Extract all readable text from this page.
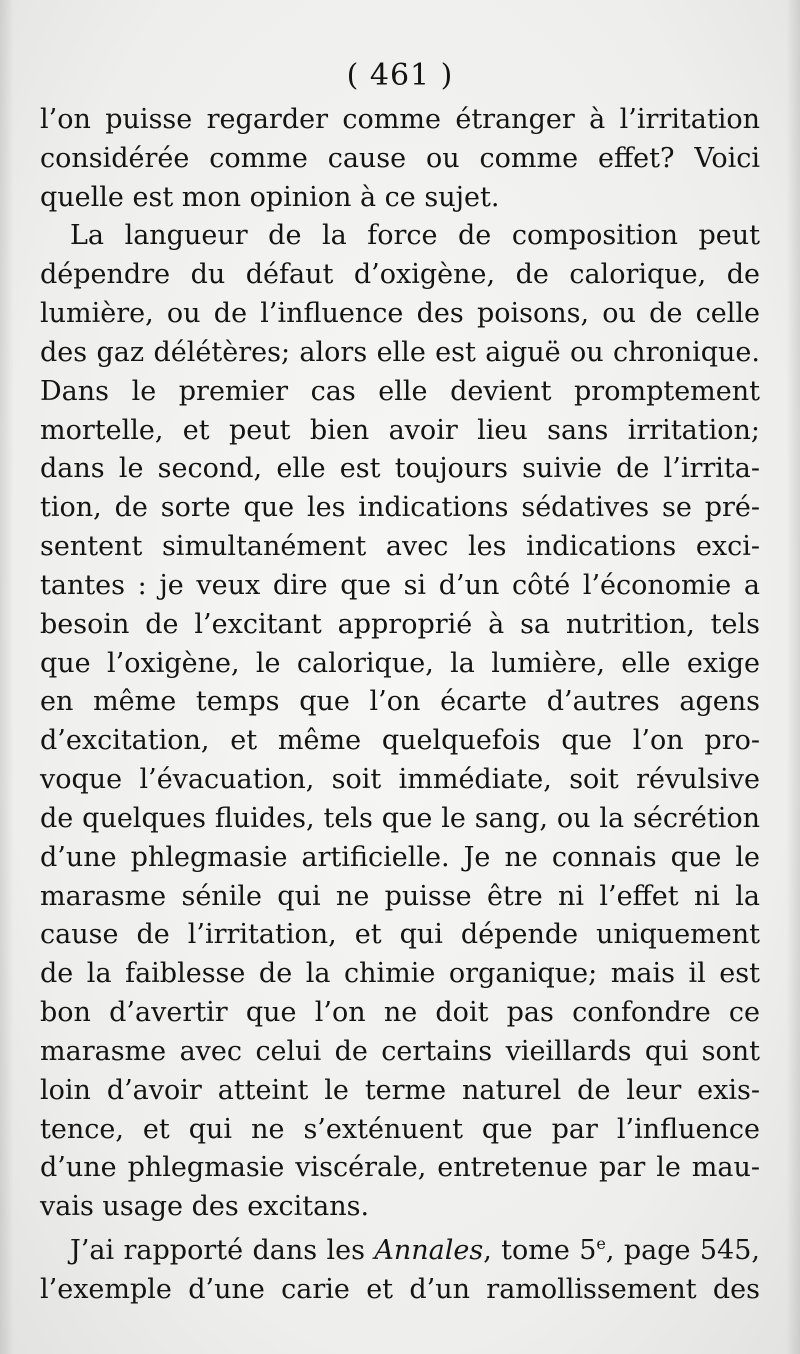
( 461 )
l’on puisse regarder comme étranger à l’irritation
considérée comme cause ou comme effet? Voici
quelle est mon opinion à ce sujet.
La langueur de la force de composition peut
dépendre du défaut d’oxigène, de calorique, de
lumière, ou de l’influence des poisons, ou de celle
des gaz délétères; alors elle est aiguë ou chronique.
Dans le premier cas elle devient promptement
mortelle, et peut bien avoir lieu sans irritation;
dans le second, elle est toujours suivie de l’irrita-
tion, de sorte que les indications sédatives se pré-
sentent simultanément avec les indications exci-
tantes : je veux dire que si d’un côté l’économie a
besoin de l’excitant approprié à sa nutrition, tels
que l’oxigène, le calorique, la lumière, elle exige
en même temps que l’on écarte d’autres agens
d’excitation, et même quelquefois que l’on pro-
voque l’évacuation, soit immédiate, soit révulsive
de quelques fluides, tels que le sang, ou la sécrétion
d’une phlegmasie artificielle. Je ne connais que le
marasme sénile qui ne puisse être ni l’effet ni la
cause de l’irritation, et qui dépende uniquement
de la faiblesse de la chimie organique; mais il est
bon d’avertir que l’on ne doit pas confondre ce
marasme avec celui de certains vieillards qui sont
loin d’avoir atteint le terme naturel de leur exis-
tence, et qui ne s’exténuent que par l’influence
d’une phlegmasie viscérale, entretenue par le mau-
vais usage des excitans.
J’ai rapporté dans les Annales, tome 5e, page 545,
l’exemple d’une carie et d’un ramollissement des
